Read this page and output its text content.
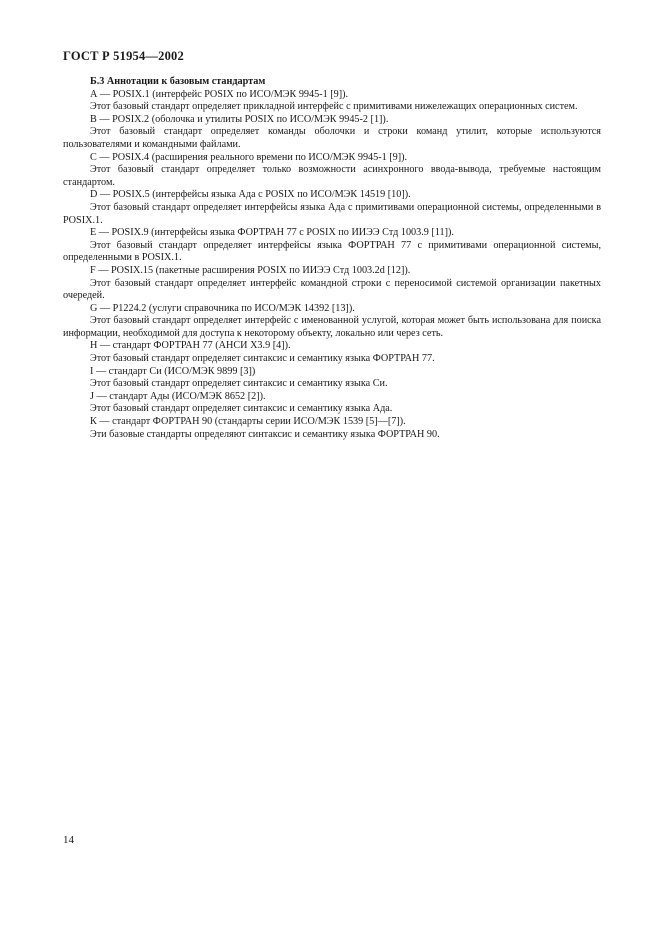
ГОСТ Р 51954—2002

Б.3 Аннотации к базовым стандартам

А — POSIX.1 (интерфейс POSIX по ИСО/МЭК 9945-1 [9]).

Этот базовый стандарт определяет прикладной интерфейс с примитивами нижележащих операционных систем.

В — POSIX.2 (оболочка и утилиты POSIX по ИСО/МЭК 9945-2 [1]).

Этот базовый стандарт определяет команды оболочки и строки команд утилит, которые используются пользователями и командными файлами.

С — POSIX.4 (расширения реального времени по ИСО/МЭК 9945-1 [9]).

Этот базовый стандарт определяет только возможности асинхронного ввода-вывода, требуемые настоящим стандартом.

D — POSIX.5 (интерфейсы языка Ада с POSIX по ИСО/МЭК 14519 [10]).

Этот базовый стандарт определяет интерфейсы языка Ада с примитивами операционной системы, определенными в POSIX.1.

Е — POSIX.9 (интерфейсы языка ФОРТРАН 77 с POSIX по ИИЭЭ Стд 1003.9 [11]).

Этот базовый стандарт определяет интерфейсы языка ФОРТРАН 77 с примитивами операционной системы, определенными в POSIX.1.

F — POSIX.15 (пакетные расширения POSIX по ИИЭЭ Стд 1003.2d [12]).

Этот базовый стандарт определяет интерфейс командной строки с переносимой системой организации пакетных очередей.

G — Р1224.2 (услуги справочника по ИСО/МЭК 14392 [13]).

Этот базовый стандарт определяет интерфейс с именованной услугой, которая может быть использована для поиска информации, необходимой для доступа к некоторому объекту, локально или через сеть.

Н — стандарт ФОРТРАН 77 (АНСИ Х3.9 [4]).

Этот базовый стандарт определяет синтаксис и семантику языка ФОРТРАН 77.

I — стандарт Си (ИСО/МЭК 9899 [3])

Этот базовый стандарт определяет синтаксис и семантику языка Си.

J — стандарт Ады (ИСО/МЭК 8652 [2]).

Этот базовый стандарт определяет синтаксис и семантику языка Ада.

К — стандарт ФОРТРАН 90 (стандарты серии ИСО/МЭК 1539 [5]—[7]).

Эти базовые стандарты определяют синтаксис и семантику языка ФОРТРАН 90.

14
